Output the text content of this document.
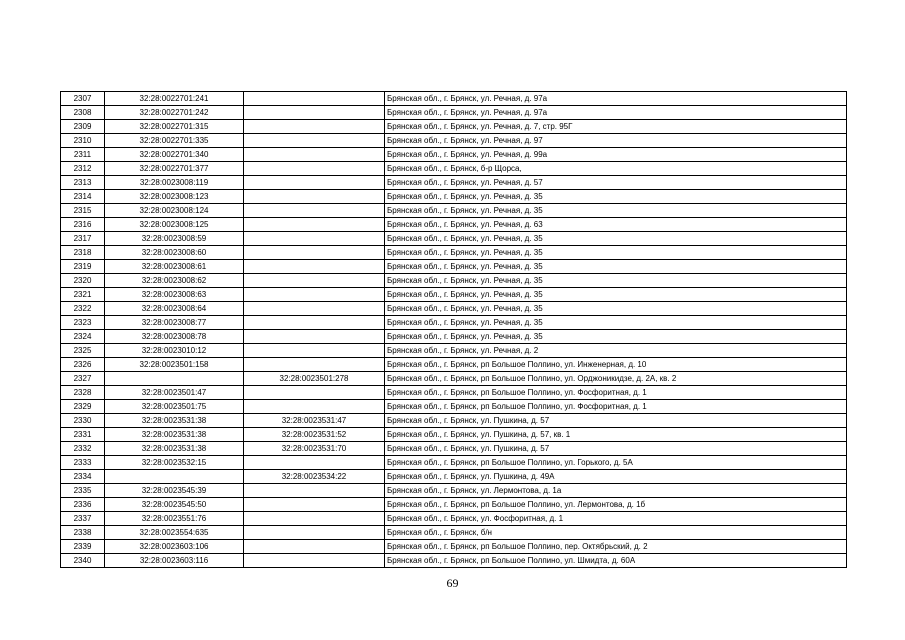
2307	32:28:0022701:241		Брянская обл., г. Брянск, ул. Речная, д. 97а
2308	32:28:0022701:242		Брянская обл., г. Брянск, ул. Речная, д. 97а
2309	32:28:0022701:315		Брянская обл., г. Брянск, ул. Речная, д. 7, стр. 95Г
2310	32:28:0022701:335		Брянская обл., г. Брянск, ул. Речная, д. 97
2311	32:28:0022701:340		Брянская обл., г. Брянск, ул. Речная, д. 99а
2312	32:28:0022701:377		Брянская обл., г. Брянск, б-р Щорса,
2313	32:28:0023008:119		Брянская обл., г. Брянск, ул. Речная, д. 57
2314	32:28:0023008:123		Брянская обл., г. Брянск, ул. Речная, д. 35
2315	32:28:0023008:124		Брянская обл., г. Брянск, ул. Речная, д. 35
2316	32:28:0023008:125		Брянская обл., г. Брянск, ул. Речная, д. 63
2317	32:28:0023008:59		Брянская обл., г. Брянск, ул. Речная, д. 35
2318	32:28:0023008:60		Брянская обл., г. Брянск, ул. Речная, д. 35
2319	32:28:0023008:61		Брянская обл., г. Брянск, ул. Речная, д. 35
2320	32:28:0023008:62		Брянская обл., г. Брянск, ул. Речная, д. 35
2321	32:28:0023008:63		Брянская обл., г. Брянск, ул. Речная, д. 35
2322	32:28:0023008:64		Брянская обл., г. Брянск, ул. Речная, д. 35
2323	32:28:0023008:77		Брянская обл., г. Брянск, ул. Речная, д. 35
2324	32:28:0023008:78		Брянская обл., г. Брянск, ул. Речная, д. 35
2325	32:28:0023010:12		Брянская обл., г. Брянск, ул. Речная, д. 2
2326	32:28:0023501:158		Брянская обл., г. Брянск, рп Большое Полпино, ул. Инженерная, д. 10
2327		32:28:0023501:278	Брянская обл., г. Брянск, рп Большое Полпино, ул. Орджоникидзе, д. 2А, кв. 2
2328	32:28:0023501:47		Брянская обл., г. Брянск, рп Большое Полпино, ул. Фосфоритная, д. 1
2329	32:28:0023501:75		Брянская обл., г. Брянск, рп Большое Полпино, ул. Фосфоритная, д. 1
2330	32:28:0023531:38	32:28:0023531:47	Брянская обл., г. Брянск, ул. Пушкина, д. 57
2331	32:28:0023531:38	32:28:0023531:52	Брянская обл., г. Брянск, ул. Пушкина, д. 57, кв. 1
2332	32:28:0023531:38	32:28:0023531:70	Брянская обл., г. Брянск, ул. Пушкина, д. 57
2333	32:28:0023532:15		Брянская обл., г. Брянск, рп Большое Полпино, ул. Горького, д. 5А
2334		32:28:0023534:22	Брянская обл., г. Брянск, ул. Пушкина, д. 49А
2335	32:28:0023545:39		Брянская обл., г. Брянск, ул. Лермонтова, д. 1а
2336	32:28:0023545:50		Брянская обл., г. Брянск, рп Большое Полпино, ул. Лермонтова, д. 1б
2337	32:28:0023551:76		Брянская обл., г. Брянск, ул. Фосфоритная, д. 1
2338	32:28:0023554:635		Брянская обл., г. Брянск, б/н
2339	32:28:0023603:106		Брянская обл., г. Брянск, рп Большое Полпино, пер. Октябрьский, д. 2
2340	32:28:0023603:116		Брянская обл., г. Брянск, рп Большое Полпино, ул. Шмидта, д. 60А
69
